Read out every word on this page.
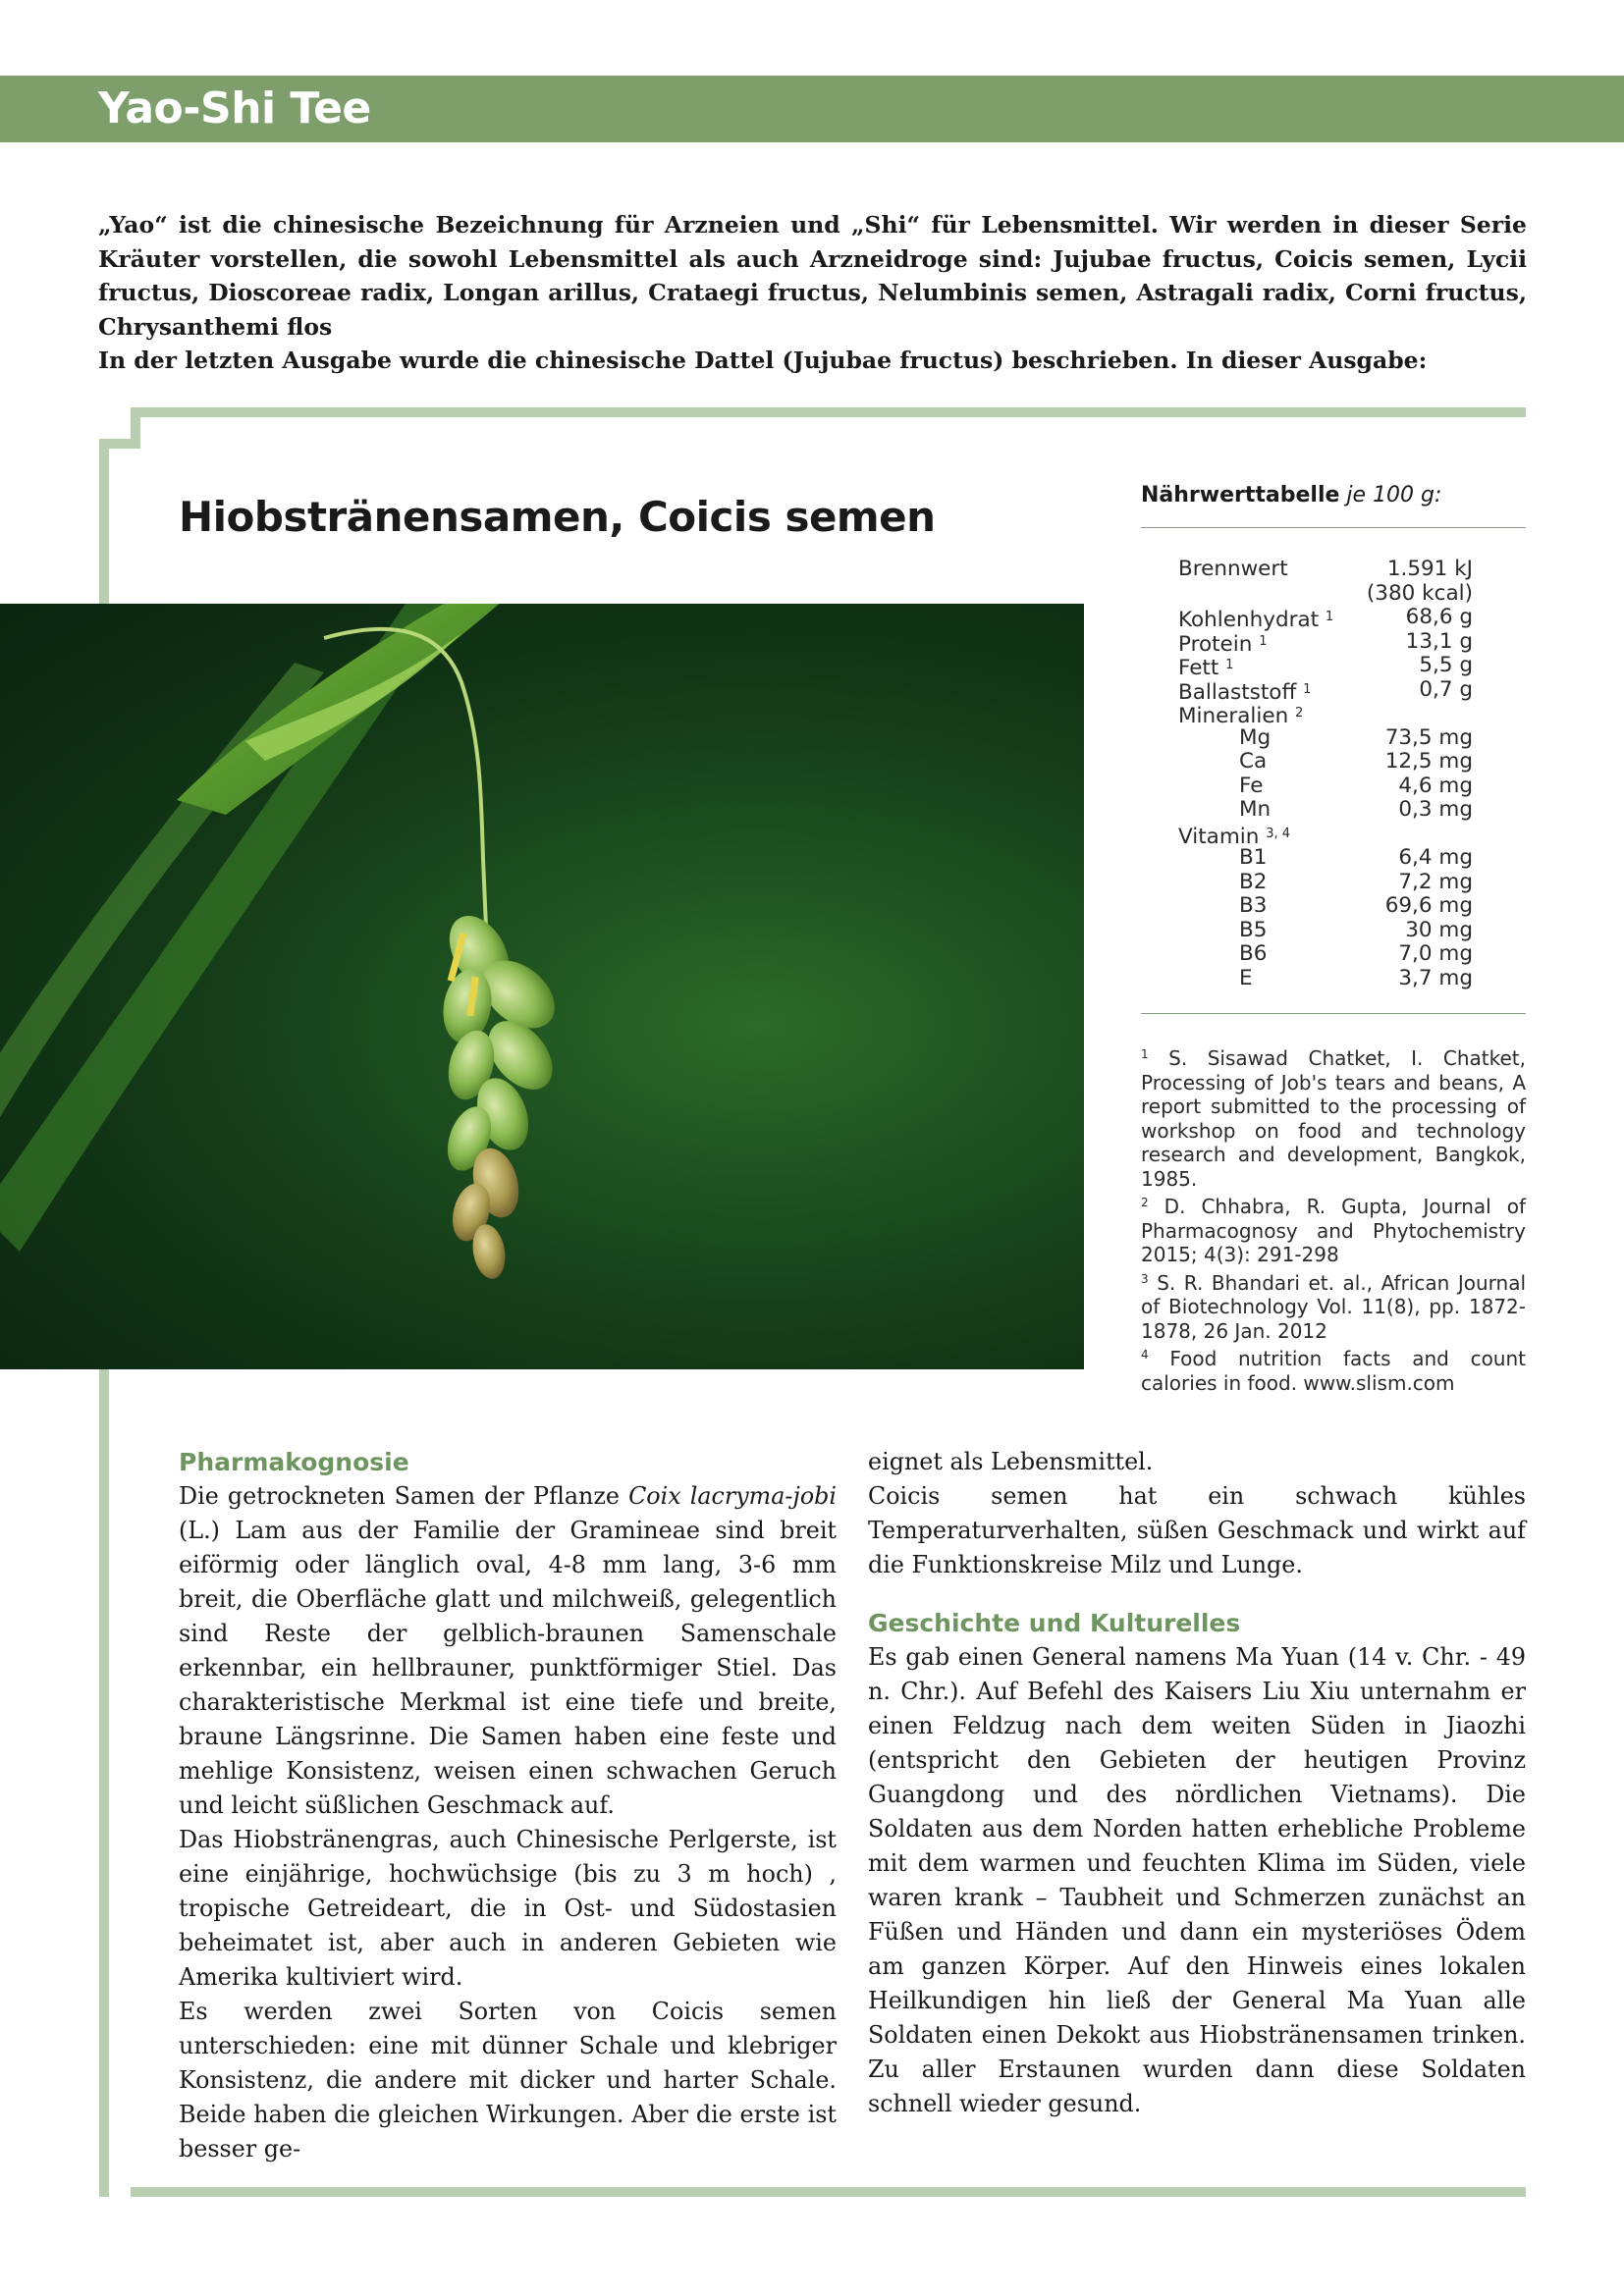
Yao-Shi Tee

„Yao“ ist die chinesische Bezeichnung für Arzneien und „Shi“ für Lebensmittel. Wir werden in dieser Serie Kräuter vorstellen, die sowohl Lebensmittel als auch Arzneidroge sind: Jujubae fructus, Coicis semen, Lycii fructus, Dioscoreae radix, Longan arillus, Crataegi fructus, Nelumbinis semen, Astragali radix, Corni fructus, Chrysanthemi flos

In der letzten Ausgabe wurde die chinesische Dattel (Jujubae fructus) beschrieben. In dieser Ausgabe:

Hiobstränensamen, Coicis semen	Nährwerttabelle je 100 g:
Brennwert	1.591 kJ
(380 kcal)
Kohlenhydrat $^1$	68,6 g
Protein $^1$	13,1 g
Fett $^1$	5,5 g
Ballaststoff $^1$	0,7 g
Mineralien $^2$
Mg	73,5 mg
Ca	12,5 mg
Fe	4,6 mg
Mn	0,3 mg
Vitamin $^{3, 4}$
B1	6,4 mg
B2	7,2 mg
B3	69,6 mg
B5	30 mg
B6	7,0 mg
E	3,7 mg

$^1$ S. Sisawad Chatket, I. Chatket, Processing of Job's tears and beans, A report submitted to the processing of workshop on food and technology research and development, Bangkok, 1985.

$^2$ D. Chhabra, R. Gupta, Journal of Pharmacognosy and Phytochemistry 2015; 4(3): 291-298

$^3$ S. R. Bhandari et. al., African Journal of Biotechnology Vol. 11(8), pp. 1872-1878, 26 Jan. 2012

$^4$ Food nutrition facts and count calories in food. www.slism.com

Pharmakognosie

Die getrockneten Samen der Pflanze Coix lacryma-jobi (L.) Lam aus der Familie der Gramineae sind breit eiförmig oder länglich oval, 4-8 mm lang, 3-6 mm breit, die Oberfläche glatt und milchweiß, gelegentlich sind Reste der gelblich-braunen Samenschale erkennbar, ein hellbrauner, punktförmiger Stiel. Das charakteristische Merkmal ist eine tiefe und breite, braune Längsrinne. Die Samen haben eine feste und mehlige Konsistenz, weisen einen schwachen Geruch und leicht süßlichen Geschmack auf.

Das Hiobstränengras, auch Chinesische Perlgerste, ist eine einjährige, hochwüchsige (bis zu 3 m hoch) , tropische Getreideart, die in Ost- und Südostasien beheimatet ist, aber auch in anderen Gebieten wie Amerika kultiviert wird.

Es werden zwei Sorten von Coicis semen unterschieden: eine mit dünner Schale und klebriger Konsistenz, die andere mit dicker und harter Schale. Beide haben die gleichen Wirkungen. Aber die erste ist besser ge-

eignet als Lebensmittel.

Coicis semen hat ein schwach kühles Temperaturverhalten, süßen Geschmack und wirkt auf die Funktionskreise Milz und Lunge.

Geschichte und Kulturelles

Es gab einen General namens Ma Yuan (14 v. Chr. - 49 n. Chr.). Auf Befehl des Kaisers Liu Xiu unternahm er einen Feldzug nach dem weiten Süden in Jiaozhi (entspricht den Gebieten der heutigen Provinz Guangdong und des nördlichen Vietnams). Die Soldaten aus dem Norden hatten erhebliche Probleme mit dem warmen und feuchten Klima im Süden, viele waren krank – Taubheit und Schmerzen zunächst an Füßen und Händen und dann ein mysteriöses Ödem am ganzen Körper. Auf den Hinweis eines lokalen Heilkundigen hin ließ der General Ma Yuan alle Soldaten einen Dekokt aus Hiobstränensamen trinken. Zu aller Erstaunen wurden dann diese Soldaten schnell wieder gesund.
